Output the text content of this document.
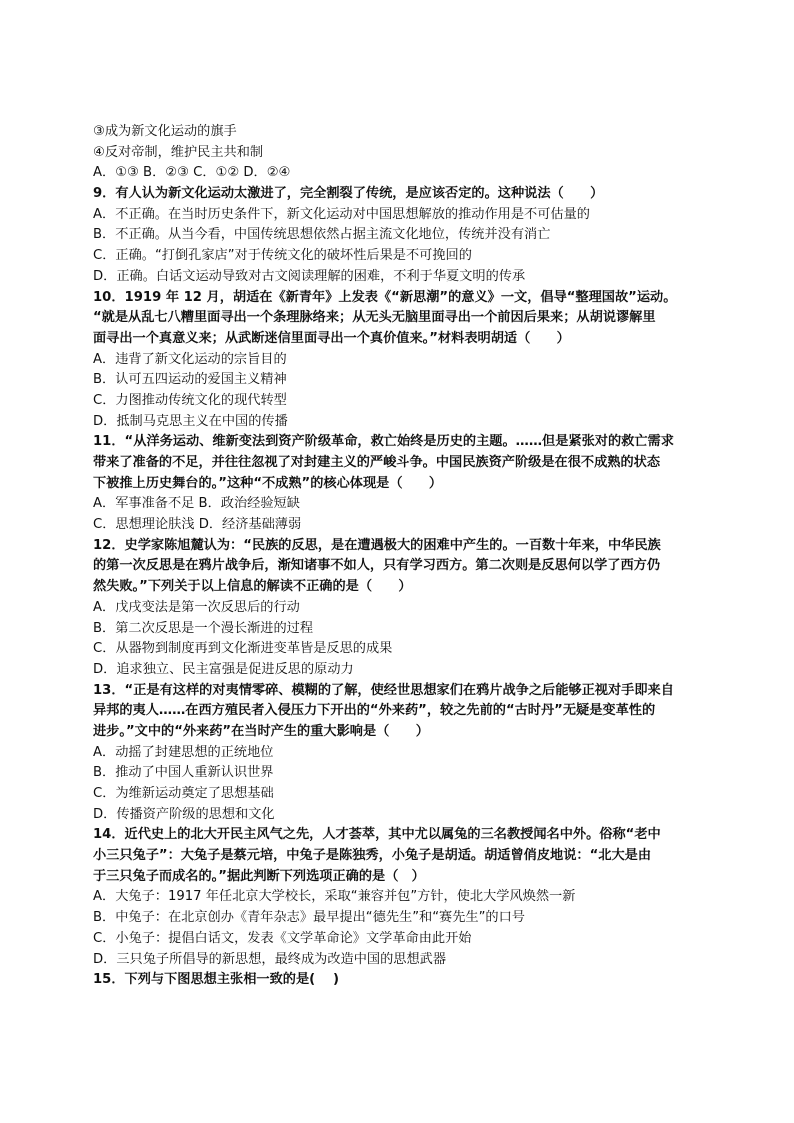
③成为新文化运动的旗手
④反对帝制，维护民主共和制
A．①③ B．②③ C．①② D．②④
9．有人认为新文化运动太激进了，完全割裂了传统，是应该否定的。这种说法（　　）
A．不正确。在当时历史条件下，新文化运动对中国思想解放的推动作用是不可估量的
B．不正确。从当今看，中国传统思想依然占据主流文化地位，传统并没有消亡
C．正确。“打倒孔家店”对于传统文化的破坏性后果是不可挽回的
D．正确。白话文运动导致对古文阅读理解的困难，不利于华夏文明的传承
10．1919 年 12 月，胡适在《新青年》上发表《“新思潮”的意义》一文，倡导“整理国故”运动。
“就是从乱七八糟里面寻出一个条理脉络来；从无头无脑里面寻出一个前因后果来；从胡说谬解里
面寻出一个真意义来；从武断迷信里面寻出一个真价值来。”材料表明胡适（　　）
A．违背了新文化运动的宗旨目的
B．认可五四运动的爱国主义精神
C．力图推动传统文化的现代转型
D．抵制马克思主义在中国的传播
11．“从洋务运动、维新变法到资产阶级革命，救亡始终是历史的主题。……但是紧张对的救亡需求
带来了准备的不足，并往往忽视了对封建主义的严峻斗争。中国民族资产阶级是在很不成熟的状态
下被推上历史舞台的。”这种“不成熟”的核心体现是（　　）
A．军事准备不足 B．政治经验短缺
C．思想理论肤浅 D．经济基础薄弱
12．史学家陈旭麓认为：“民族的反思，是在遭遇极大的困难中产生的。一百数十年来，中华民族
的第一次反思是在鸦片战争后，渐知诸事不如人，只有学习西方。第二次则是反思何以学了西方仍
然失败。”下列关于以上信息的解读不正确的是（　　）
A．戊戌变法是第一次反思后的行动
B．第二次反思是一个漫长渐进的过程
C．从器物到制度再到文化渐进变革皆是反思的成果
D．追求独立、民主富强是促进反思的原动力
13．“正是有这样的对夷情零碎、模糊的了解，使经世思想家们在鸦片战争之后能够正视对手即来自
异邦的夷人……在西方殖民者入侵压力下开出的“外来药”，较之先前的“古时丹”无疑是变革性的
进步。”文中的“外来药”在当时产生的重大影响是（　　）
A．动摇了封建思想的正统地位
B．推动了中国人重新认识世界
C．为维新运动奠定了思想基础
D．传播资产阶级的思想和文化
14．近代史上的北大开民主风气之先，人才荟萃，其中尤以属兔的三名教授闻名中外。俗称“老中
小三只兔子”：大兔子是蔡元培，中兔子是陈独秀，小兔子是胡适。胡适曾俏皮地说：“北大是由
于三只兔子而成名的。”据此判断下列选项正确的是（　）
A．大兔子：1917 年任北京大学校长，采取“兼容并包”方针，使北大学风焕然一新
B．中兔子：在北京创办《青年杂志》最早提出“德先生”和“赛先生”的口号
C．小兔子：提倡白话文，发表《文学革命论》文学革命由此开始
D．三只兔子所倡导的新思想，最终成为改造中国的思想武器
15．下列与下图思想主张相一致的是(　 )
